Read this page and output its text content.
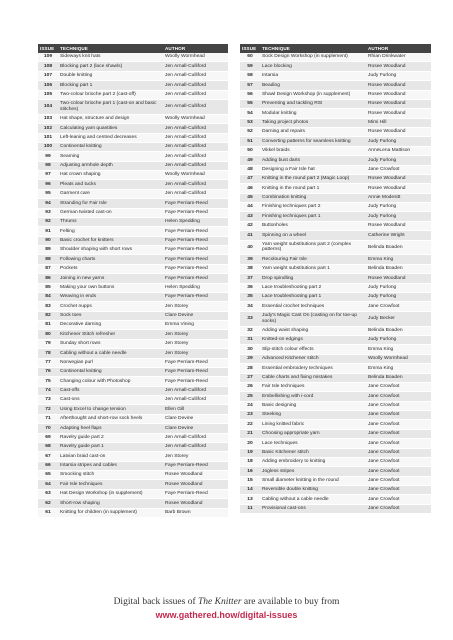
ISSUE	TECHNIQUE	AUTHOR
109	Sideways knit hats	Woolly Wormhead
108	Blocking part 2 (lace shawls)	Jen Arnall-Culliford
107	Double knitting	Jen Arnall-Culliford
106	Blocking part 1	Jen Arnall-Culliford
105	Two-colour brioche part 2 (cast-off)	Jen Arnall-Culliford
104	Two-colour brioche part 1 (cast-on and basic stitches)	Jen Arnall-Culliford
103	Hat shape, structure and design	Woolly Wormhead
102	Calculating yarn quantities	Jen Arnall-Culliford
101	Left-leaning and centred decreases	Jen Arnall-Culliford
100	Continental knitting	Jen Arnall-Culliford
99	Seaming	Jen Arnall-Culliford
98	Adjusting armhole depth	Jen Arnall-Culliford
97	Hat crown shaping	Woolly Wormhead
96	Pleats and tucks	Jen Arnall-Culliford
95	Garment care	Jen Arnall-Culliford
94	Stranding for Fair Isle	Faye Perriam-Reed
93	German twisted cast-on	Faye Perriam-Reed
92	Thrums	Helen Spedding
91	Felting	Faye Perriam-Reed
90	Basic crochet for knitters	Faye Perriam-Reed
89	Shoulder shaping with short rows	Faye Perriam-Reed
88	Following charts	Faye Perriam-Reed
87	Pockets	Faye Perriam-Reed
86	Joining in new yarns	Faye Perriam-Reed
85	Making your own buttons	Helen Spedding
84	Weaving in ends	Faye Perriam-Reed
83	Crochet nupps	Jen Storey
82	Sock toes	Clare Devine
81	Decorative darning	Emma Vining
80	Kitchener Stitch refresher	Jen Storey
79	Sunday short rows	Jen Storey
78	Cabling without a cable needle	Jen Storey
77	Norwegian purl	Faye Perriam-Reed
76	Continental knitting	Faye Perriam-Reed
75	Changing colour with Photoshop	Faye Perriam-Reed
74	Cast-offs	Jen Arnall-Culliford
73	Cast-ons	Jen Arnall-Culliford
72	Using Excel to change tension	Ellen Gill
71	Afterthought and short-row sock heels	Clare Devine
70	Adapting heel flaps	Clare Devine
69	Ravelry guide part 2	Jen Arnall-Culliford
68	Ravelry guide part 1	Jen Arnall-Culliford
67	Latvian braid cast-on	Jen Storey
66	Intarsia stripes and cables	Faye Perriam-Reed
65	Smocking stitch	Rosee Woodland
64	Fair Isle techniques	Rosee Woodland
63	Hat Design Workshop (in supplement)	Faye Perriam-Reed
62	Short-row shaping	Rosee Woodland
61	Knitting for children (in supplement)	Barb Brown
ISSUE	TECHNIQUE	AUTHOR
60	Sock Design Workshop (in supplement)	Rhian Drinkwater
59	Lace blocking	Rosee Woodland
58	Intarsia	Judy Furlong
57	Beading	Rosee Woodland
56	Shawl Design Workshop (in supplement)	Rosee Woodland
55	Preventing and tackling RSI	Rosee Woodland
54	Modular knitting	Rosee Woodland
53	Taking project photos	Mimi Hill
52	Darning and repairs	Rosee Woodland
51	Converting patterns for seamless knitting	Judy Furlong
50	Vikkel braids	AnneLena Mattison
49	Adding bust darts	Judy Furlong
48	Designing a Fair Isle hat	Jane Crowfoot
47	Knitting in the round part 2 (Magic Loop)	Rosee Woodland
46	Knitting in the round part 1	Rosee Woodland
45	Combination knitting	Annie Modesitt
44	Finishing techniques part 2	Judy Furlong
43	Finishing techniques part 1	Judy Furlong
42	Buttonholes	Rosee Woodland
41	Spinning on a wheel	Catherine Wright
40	Yarn weight substitutions part 2 (complex patterns)	Belinda Boaden
39	Recolouring Fair Isle	Emma King
38	Yarn weight substitutions part 1	Belinda Boaden
37	Drop spindling	Rosee Woodland
36	Lace troubleshooting part 2	Judy Furlong
35	Lace troubleshooting part 1	Judy Furlong
34	Essential crochet techniques	Jane Crowfoot
33	Judy's Magic Cast On (casting on for toe-up socks)	Judy Becker
32	Adding waist shaping	Belinda Boaden
31	Knitted-on edgings	Judy Furlong
30	Slip-stitch colour effects	Emma King
29	Advanced Kitchener stitch	Woolly Wormhead
28	Essential embroidery techniques	Emma King
27	Cable charts and fixing mistakes	Belinda Boaden
26	Fair Isle techniques	Jane Crowfoot
25	Embellishing with i-cord	Jane Crowfoot
24	Basic designing	Jane Crowfoot
23	Steeking	Jane Crowfoot
22	Lining knitted fabric	Jane Crowfoot
21	Choosing appropriate yarn	Jane Crowfoot
20	Lace techniques	Jane Crowfoot
19	Basic Kitchener stitch	Jane Crowfoot
18	Adding embroidery to knitting	Jane Crowfoot
16	Jogless stripes	Jane Crowfoot
15	Small diameter knitting in the round	Jane Crowfoot
14	Reversible double knitting	Jane Crowfoot
13	Cabling without a cable needle	Jane Crowfoot
11	Provisional cast-ons	Jane Crowfoot
Digital back issues of The Knitter are available to buy from
www.gathered.how/digital-issues
